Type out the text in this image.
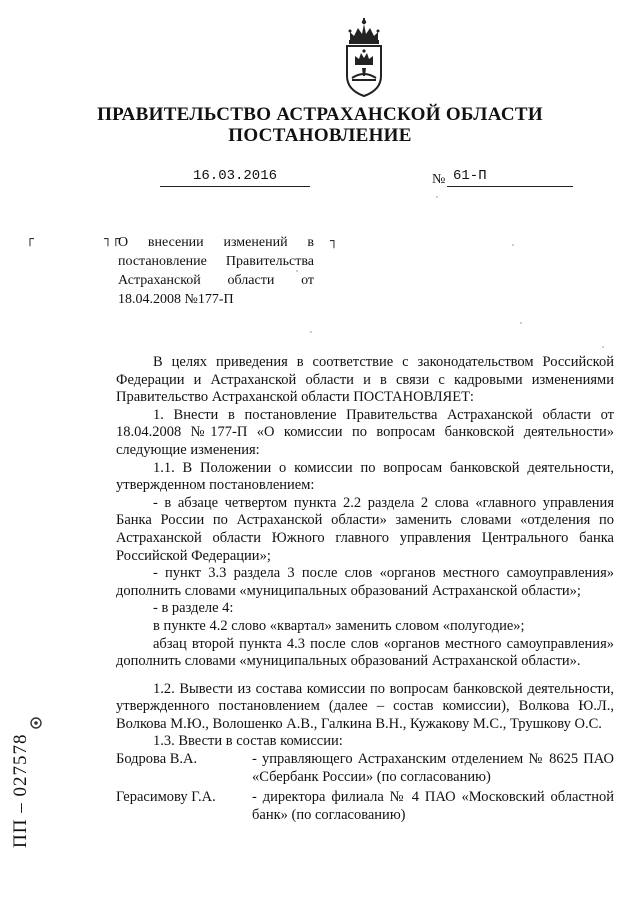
ПРАВИТЕЛЬСТВО АСТРАХАНСКОЙ ОБЛАСТИ
ПОСТАНОВЛЕНИЕ
16.03.2016	№ 61-П
┌	┐┌	┐
О внесении изменений в постановление Правительства Астраханской области от 18.04.2008 №177-П

В целях приведения в соответствие с законодательством Российской Федерации и Астраханской области и в связи с кадровыми изменениями Правительство Астраханской области ПОСТАНОВЛЯЕТ:

1. Внести в постановление Правительства Астраханской области от 18.04.2008 №177-П «О комиссии по вопросам банковской деятельности» следующие изменения:

1.1. В Положении о комиссии по вопросам банковской деятельности, утвержденном постановлением:

- в абзаце четвертом пункта 2.2 раздела 2 слова «главного управления Банка России по Астраханской области» заменить словами «отделения по Астраханской области Южного главного управления Центрального банка Российской Федерации»;

- пункт 3.3 раздела 3 после слов «органов местного самоуправления» дополнить словами «муниципальных образований Астраханской области»;

- в разделе 4:

в пункте 4.2 слово «квартал» заменить словом «полугодие»;

абзац второй пункта 4.3 после слов «органов местного самоуправления» дополнить словами «муниципальных образований Астраханской области».

1.2. Вывести из состава комиссии по вопросам банковской деятельности, утвержденного постановлением (далее – состав комиссии), Волкова Ю.Л., Волкова М.Ю., Волошенко А.В., Галкина В.Н., Кужакову М.С., Трушкову О.С.

1.3. Ввести в состав комиссии:

Бодрова В.А.	- управляющего Астраханским отделением № 8625 ПАО «Сбербанк России» (по согласованию)
Герасимову Г.А.	- директора филиала № 4 ПАО «Московский областной банк» (по согласованию)
ПП – 027578
